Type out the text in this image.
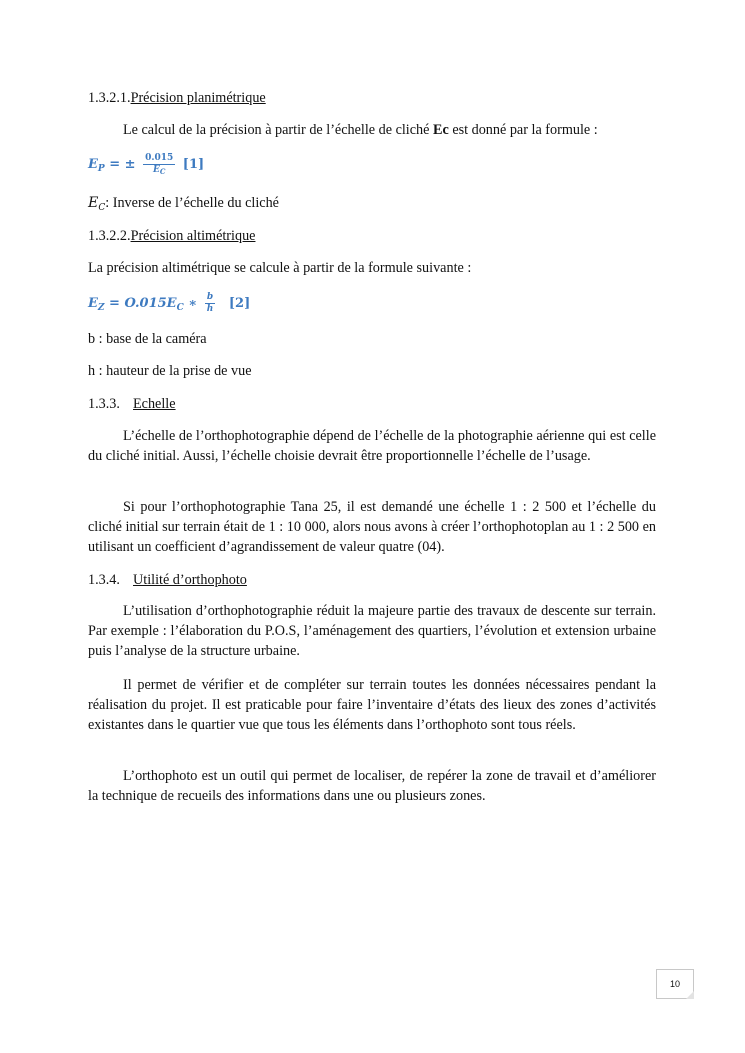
1.3.2.1.Précision planimétrique
Le calcul de la précision à partir de l’échelle de cliché Ec est donné par la formule :
$E_P$ = ± $\frac{0.015}{E_C} [1]$
$E_C$: Inverse de l’échelle du cliché
1.3.2.2.Précision altimétrique
La précision altimétrique se calcule à partir de la formule suivante :
$E_Z = O.015E_C$ ∗ $\frac{b}{h} [2]$
b : base de la caméra
h : hauteur de la prise de vue
1.3.3. Echelle
L’échelle de l’orthophotographie dépend de l’échelle de la photographie aérienne qui est celle du cliché initial. Aussi, l’échelle choisie devrait être proportionnelle l’échelle de l’usage.
Si pour l’orthophotographie Tana 25, il est demandé une échelle 1 : 2 500 et l’échelle du cliché initial sur terrain était de 1 : 10 000, alors nous avons à créer l’orthophotoplan au 1 : 2 500 en utilisant un coefficient d’agrandissement de valeur quatre (04).
1.3.4. Utilité d’orthophoto
L’utilisation d’orthophotographie réduit la majeure partie des travaux de descente sur terrain. Par exemple : l’élaboration du P.O.S, l’aménagement des quartiers, l’évolution et extension urbaine puis l’analyse de la structure urbaine.
Il permet de vérifier et de compléter sur terrain toutes les données nécessaires pendant la réalisation du projet. Il est praticable pour faire l’inventaire d’états des lieux des zones d’activités existantes dans le quartier vue que tous les éléments dans l’orthophoto sont tous réels.
L’orthophoto est un outil qui permet de localiser, de repérer la zone de travail et d’améliorer la technique de recueils des informations dans une ou plusieurs zones.
10
